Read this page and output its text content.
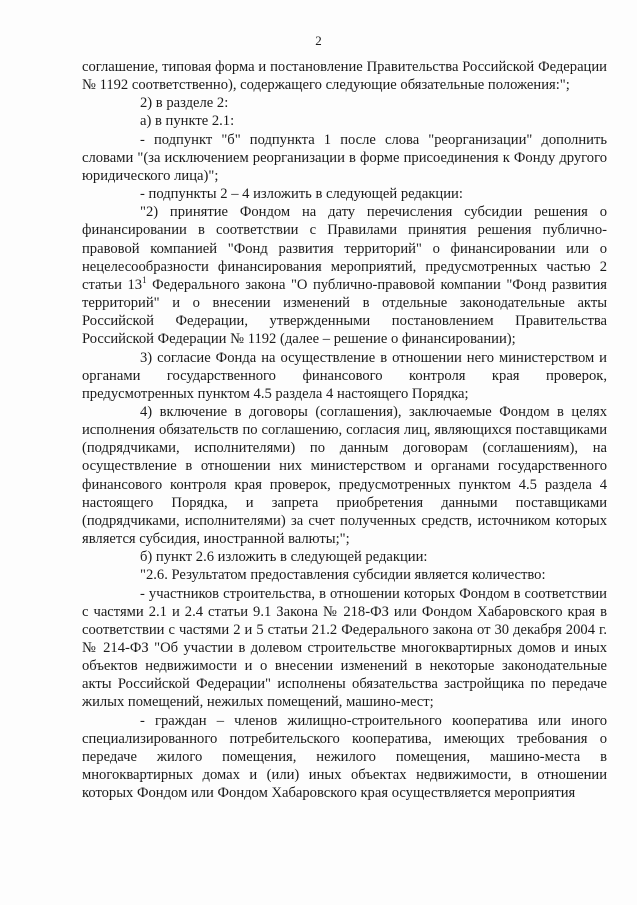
2

соглашение, типовая форма и постановление Правительства Российской Федерации № 1192 соответственно), содержащего следующие обязательные положения:";

2) в разделе 2:

а) в пункте 2.1:

- подпункт "б" подпункта 1 после слова "реорганизации" дополнить словами "(за исключением реорганизации в форме присоединения к Фонду другого юридического лица)";

- подпункты 2 – 4 изложить в следующей редакции:

"2) принятие Фондом на дату перечисления субсидии решения о финансировании в соответствии с Правилами принятия решения публично-правовой компанией "Фонд развития территорий" о финансировании или о нецелесообразности финансирования мероприятий, предусмотренных частью 2 статьи $13^1$ Федерального закона "О публично-правовой компании "Фонд развития территорий" и о внесении изменений в отдельные законодательные акты Российской Федерации, утвержденными постановлением Правительства Российской Федерации № 1192 (далее – решение о финансировании);

3) согласие Фонда на осуществление в отношении него министерством и органами государственного финансового контроля края проверок, предусмотренных пунктом 4.5 раздела 4 настоящего Порядка;

4) включение в договоры (соглашения), заключаемые Фондом в целях исполнения обязательств по соглашению, согласия лиц, являющихся поставщиками (подрядчиками, исполнителями) по данным договорам (соглашениям), на осуществление в отношении них министерством и органами государственного финансового контроля края проверок, предусмотренных пунктом 4.5 раздела 4 настоящего Порядка, и запрета приобретения данными поставщиками (подрядчиками, исполнителями) за счет полученных средств, источником которых является субсидия, иностранной валюты;";

б) пункт 2.6 изложить в следующей редакции:

"2.6. Результатом предоставления субсидии является количество:

- участников строительства, в отношении которых Фондом в соответствии с частями 2.1 и 2.4 статьи 9.1 Закона № 218-ФЗ или Фондом Хабаровского края в соответствии с частями 2 и 5 статьи 21.2 Федерального закона от 30 декабря 2004 г. № 214-ФЗ "Об участии в долевом строительстве многоквартирных домов и иных объектов недвижимости и о внесении изменений в некоторые законодательные акты Российской Федерации" исполнены обязательства застройщика по передаче жилых помещений, нежилых помещений, машино-мест;

- граждан – членов жилищно-строительного кооператива или иного специализированного потребительского кооператива, имеющих требования о передаче жилого помещения, нежилого помещения, машино-места в многоквартирных домах и (или) иных объектах недвижимости, в отношении которых Фондом или Фондом Хабаровского края осуществляется мероприятия
